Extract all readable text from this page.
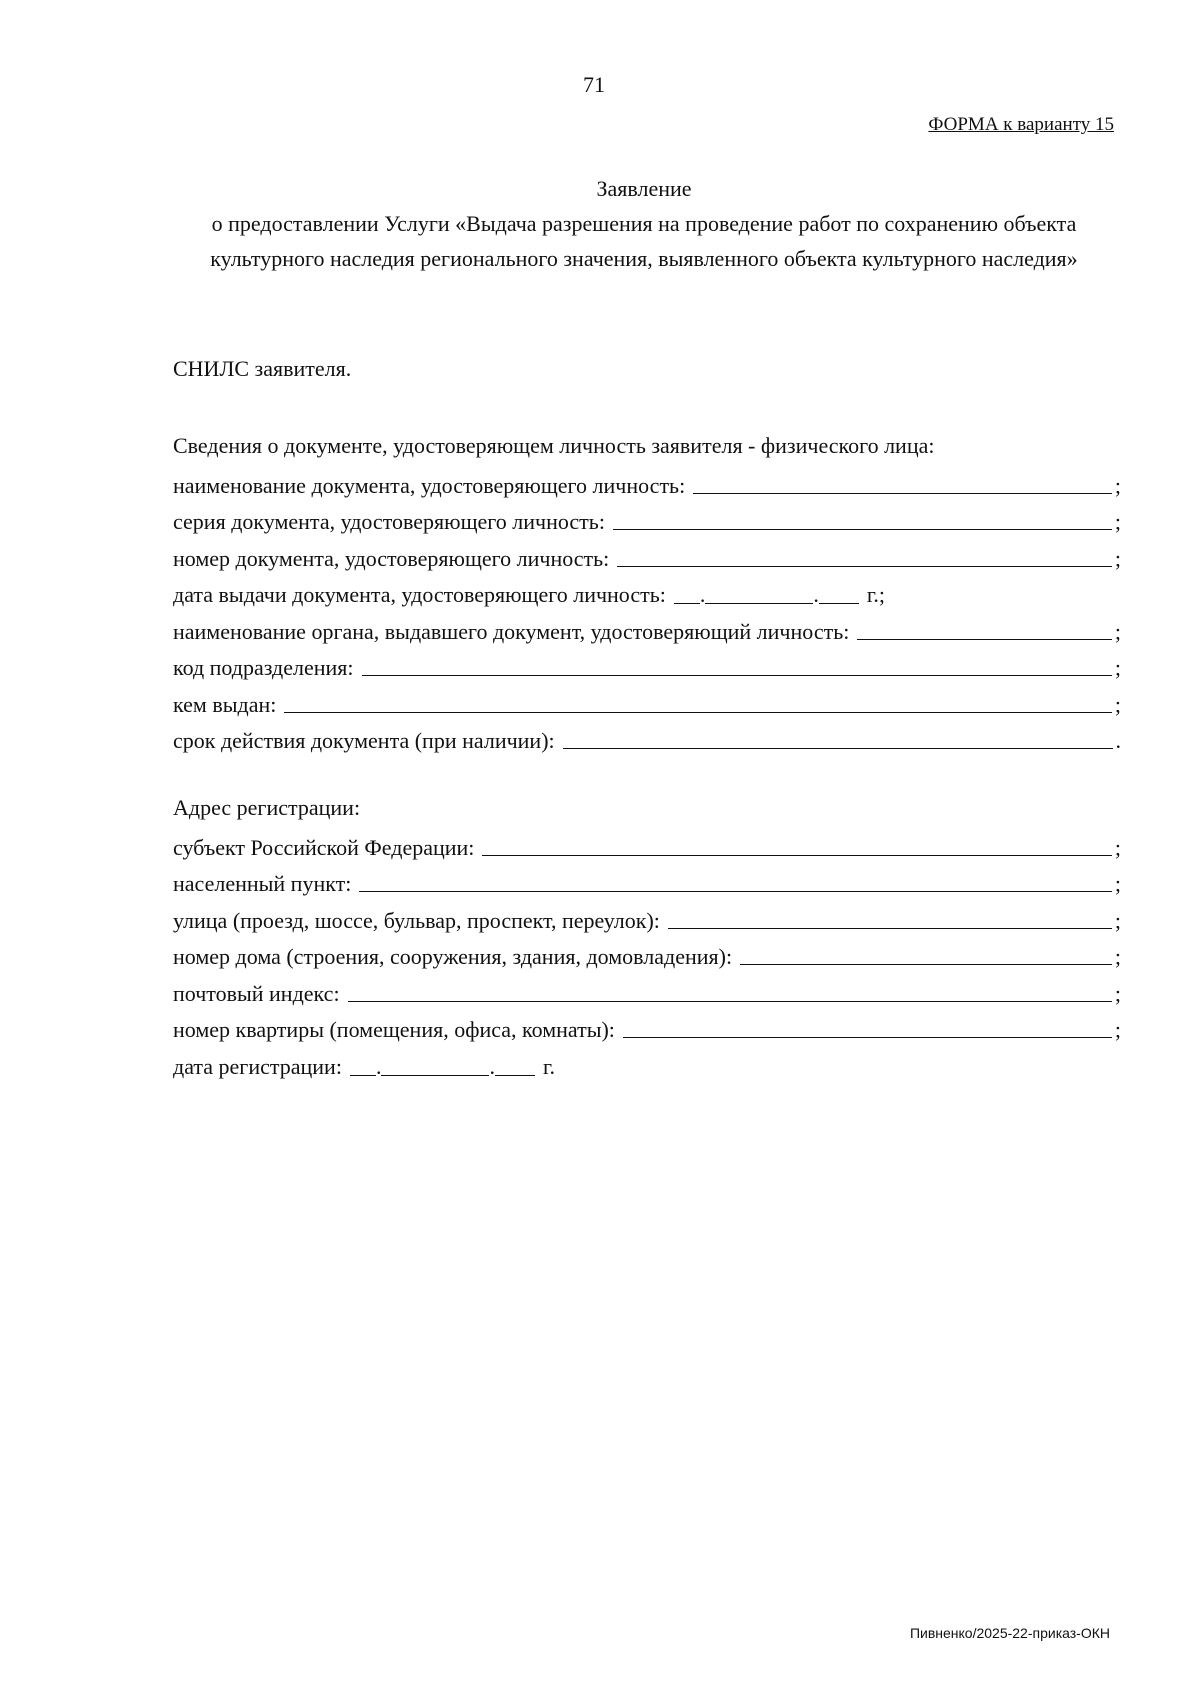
71
ФОРМА к варианту 15
Заявление
о предоставлении Услуги «Выдача разрешения на проведение работ по сохранению объекта культурного наследия регионального значения, выявленного объекта культурного наследия»
СНИЛС заявителя.
Сведения о документе, удостоверяющем личность заявителя - физического лица:
наименование документа, удостоверяющего личность:	;
серия документа, удостоверяющего личность:	;
номер документа, удостоверяющего личность:	;
дата выдачи документа, удостоверяющего личность: .	. г.;
наименование органа, выдавшего документ, удостоверяющий личность:	;
код подразделения:	;
кем выдан:	;
срок действия документа (при наличии):	.
Адрес регистрации:
субъект Российской Федерации:	;
населенный пункт:	;
улица (проезд, шоссе, бульвар, проспект, переулок):	;
номер дома (строения, сооружения, здания, домовладения):	;
почтовый индекс:	;
номер квартиры (помещения, офиса, комнаты):	;
дата регистрации: .	. г.
Пивненко/2025-22-приказ-ОКН
